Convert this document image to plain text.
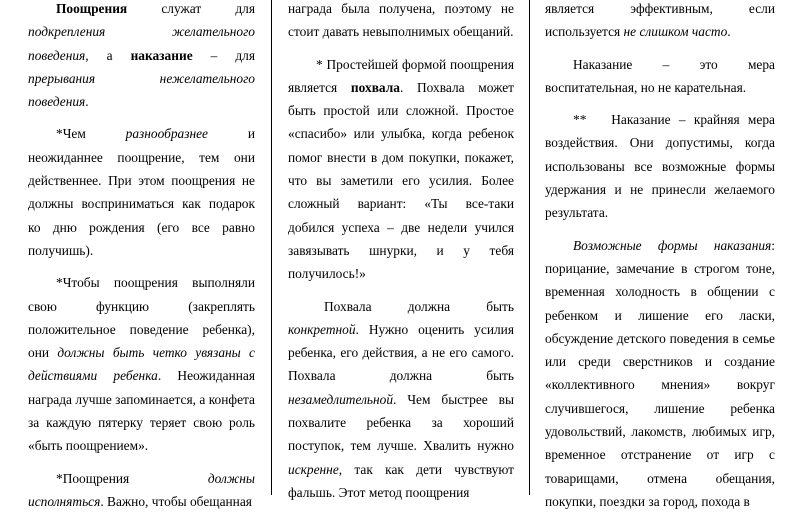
Поощрения служат для подкрепления желательного поведения, а наказание – для прерывания нежелательного поведения.

*Чем разнообразнее и неожиданнее поощрение, тем они действеннее. При этом поощрения не должны восприниматься как подарок ко дню рождения (его все равно получишь).

*Чтобы поощрения выполняли свою функцию (закреплять положительное поведение ребенка), они должны быть четко увязаны с действиями ребенка. Неожиданная награда лучше запоминается, а конфета за каждую пятерку теряет свою роль «быть поощрением».

*Поощрения должны исполняться. Важно, чтобы обещанная

награда была получена, поэтому не стоит давать невыполнимых обещаний.

* Простейшей формой поощрения является похвала. Похвала может быть простой или сложной. Простое «спасибо» или улыбка, когда ребенок помог внести в дом покупки, покажет, что вы заметили его усилия. Более сложный вариант: «Ты все-таки добился успеха – две недели учился завязывать шнурки, и у тебя получилось!»

Похвала должна быть конкретной. Нужно оценить усилия ребенка, его действия, а не его самого. Похвала должна быть незамедлительной. Чем быстрее вы похвалите ребенка за хороший поступок, тем лучше. Хвалить нужно искренне, так как дети чувствуют фальшь. Этот метод поощрения

является эффективным, если используется не слишком часто.

Наказание – это мера воспитательная, но не карательная.

**   Наказание – крайняя мера воздействия. Они допустимы, когда использованы все возможные формы удержания и не принесли желаемого результата.

Возможные формы наказания: порицание, замечание в строгом тоне, временная холодность в общении с ребенком и лишение его ласки, обсуждение детского поведения в семье или среди сверстников и создание «коллективного мнения» вокруг случившегося, лишение ребенка удовольствий, лакомств, любимых игр, временное отстранение от игр с товарищами, отмена обещания, покупки, поездки за город, похода в
